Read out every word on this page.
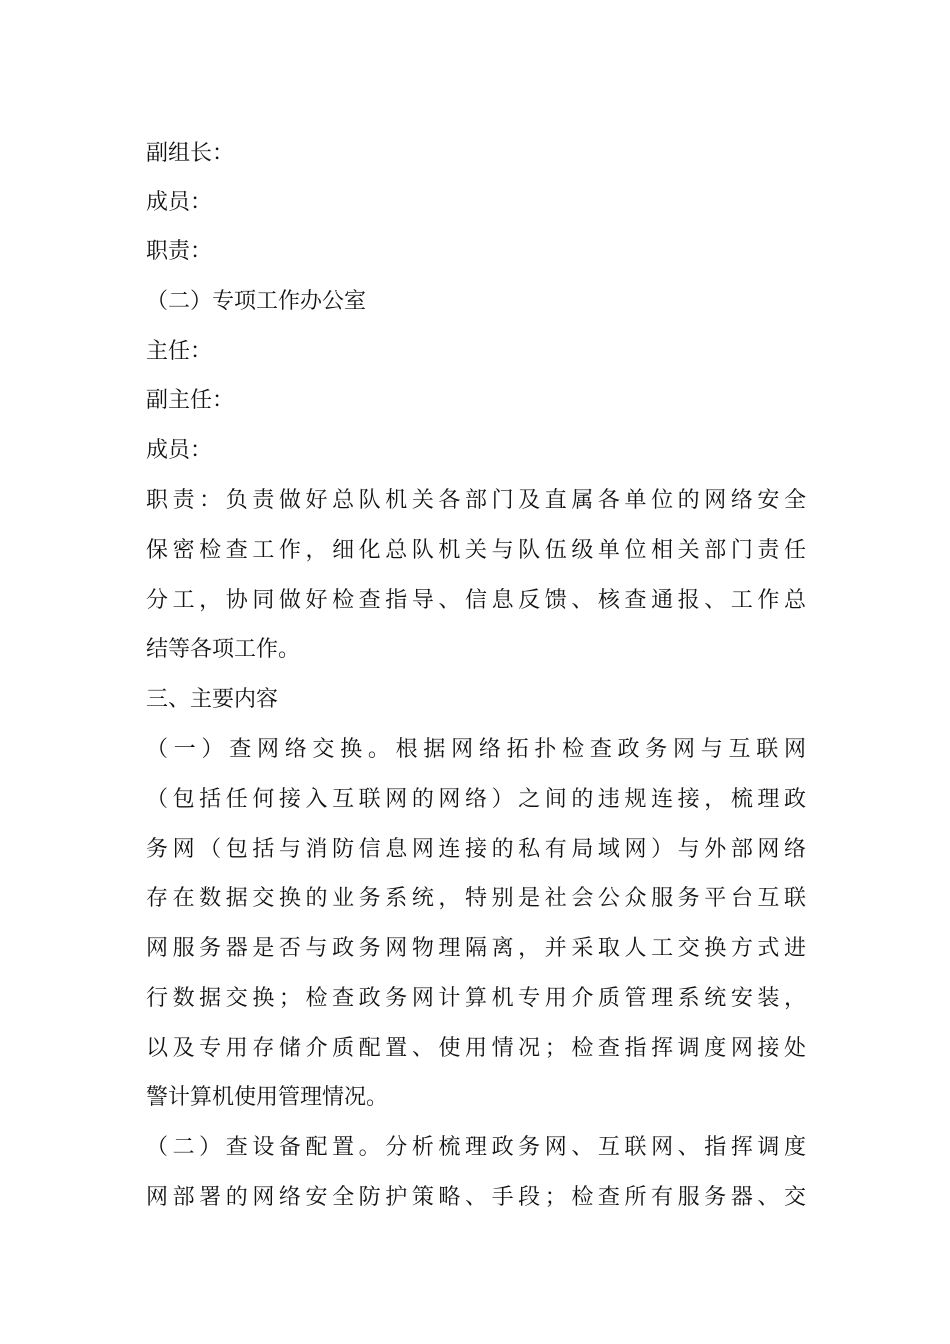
副组长：
成员：
职责：
（二）专项工作办公室
主任：
副主任：
成员：
职责：负责做好总队机关各部门及直属各单位的网络安全
保密检查工作，细化总队机关与队伍级单位相关部门责任
分工，协同做好检查指导、信息反馈、核查通报、工作总
结等各项工作。
三、主要内容
（一）查网络交换。根据网络拓扑检查政务网与互联网
（包括任何接入互联网的网络）之间的违规连接，梳理政
务网（包括与消防信息网连接的私有局域网）与外部网络
存在数据交换的业务系统，特别是社会公众服务平台互联
网服务器是否与政务网物理隔离，并采取人工交换方式进
行数据交换；检查政务网计算机专用介质管理系统安装，
以及专用存储介质配置、使用情况；检查指挥调度网接处
警计算机使用管理情况。
（二）查设备配置。分析梳理政务网、互联网、指挥调度
网部署的网络安全防护策略、手段；检查所有服务器、交
